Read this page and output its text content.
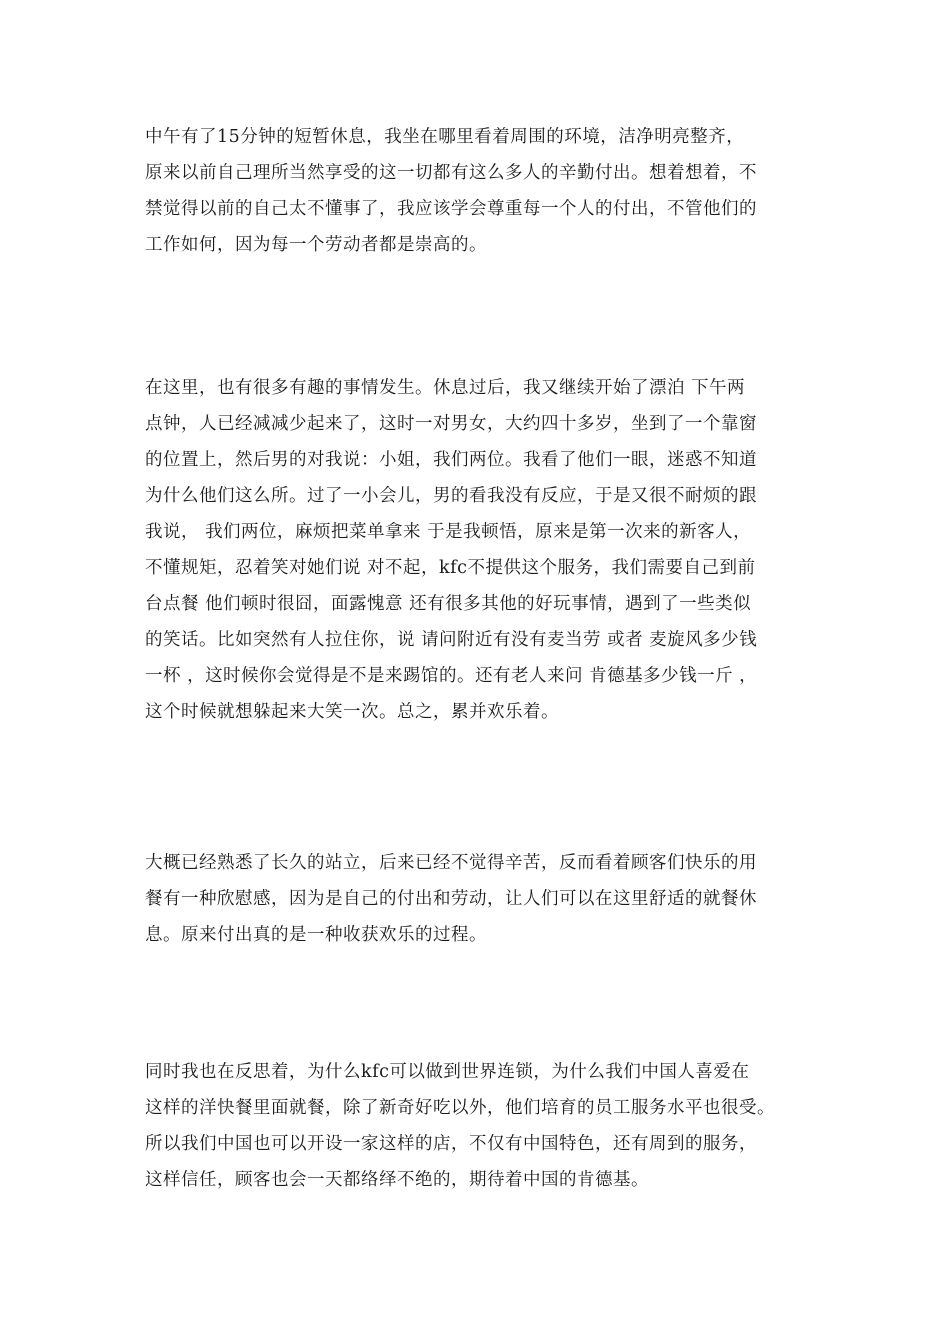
中午有了15分钟的短暂休息，我坐在哪里看着周围的环境，洁净明亮整齐，
原来以前自己理所当然享受的这一切都有这么多人的辛勤付出。想着想着，不
禁觉得以前的自己太不懂事了，我应该学会尊重每一个人的付出，不管他们的
工作如何，因为每一个劳动者都是崇高的。
在这里，也有很多有趣的事情发生。休息过后，我又继续开始了漂泊 下午两
点钟，人已经减减少起来了，这时一对男女，大约四十多岁，坐到了一个靠窗
的位置上，然后男的对我说：小姐，我们两位。我看了他们一眼，迷惑不知道
为什么他们这么所。过了一小会儿，男的看我没有反应，于是又很不耐烦的跟
我说， 我们两位，麻烦把菜单拿来 于是我顿悟，原来是第一次来的新客人，
不懂规矩，忍着笑对她们说 对不起，kfc不提供这个服务，我们需要自己到前
台点餐 他们顿时很囧，面露愧意 还有很多其他的好玩事情，遇到了一些类似
的笑话。比如突然有人拉住你，说 请问附近有没有麦当劳 或者 麦旋风多少钱
一杯 ，这时候你会觉得是不是来踢馆的。还有老人来问 肯德基多少钱一斤 ，
这个时候就想躲起来大笑一次。总之，累并欢乐着。
大概已经熟悉了长久的站立，后来已经不觉得辛苦，反而看着顾客们快乐的用
餐有一种欣慰感，因为是自己的付出和劳动，让人们可以在这里舒适的就餐休
息。原来付出真的是一种收获欢乐的过程。
同时我也在反思着，为什么kfc可以做到世界连锁，为什么我们中国人喜爱在
这样的洋快餐里面就餐，除了新奇好吃以外，他们培育的员工服务水平也很受。
所以我们中国也可以开设一家这样的店，不仅有中国特色，还有周到的服务，
这样信任，顾客也会一天都络绎不绝的，期待着中国的肯德基。
